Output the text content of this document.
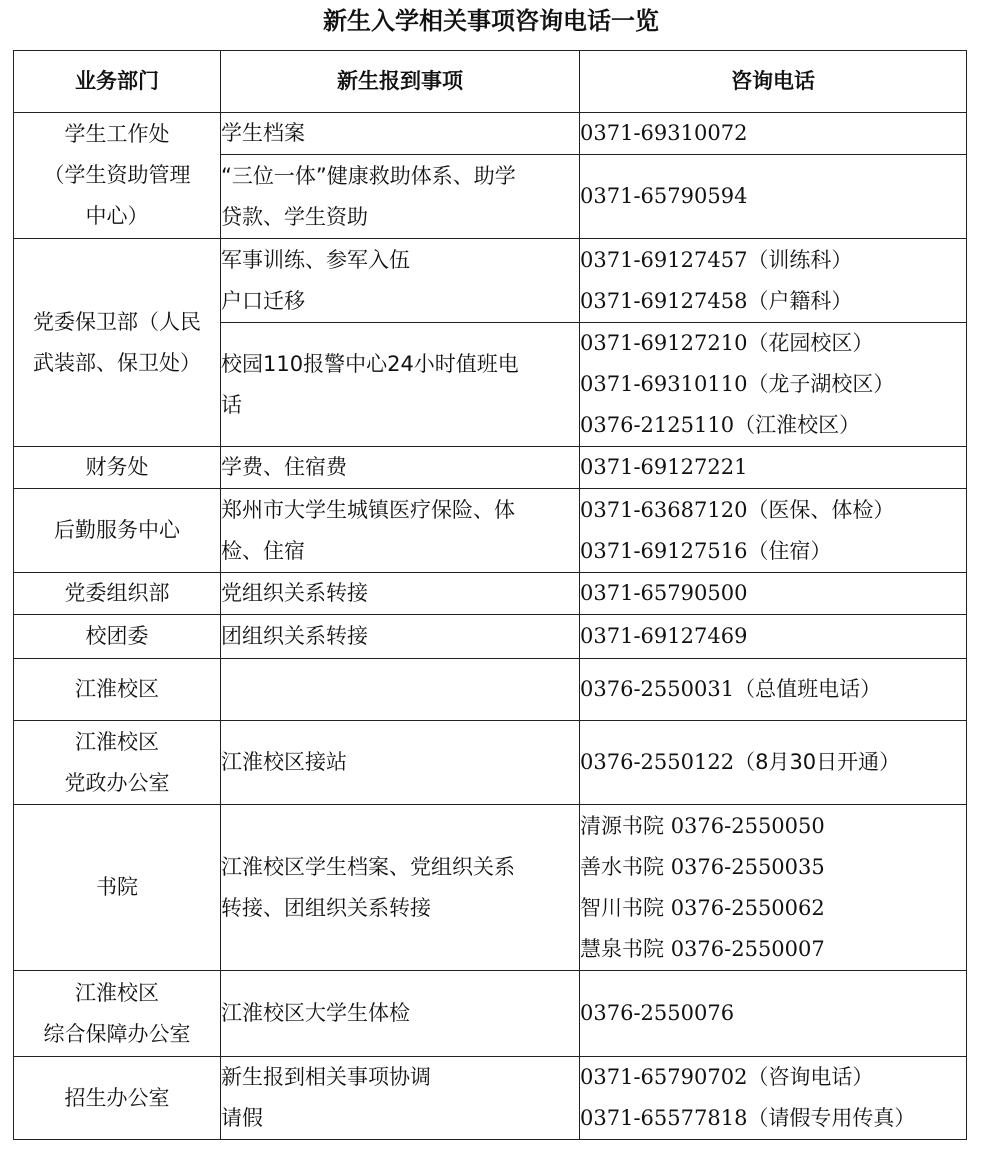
新生入学相关事项咨询电话一览
业务部门	新生报到事项	咨询电话

学生工作处
（学生资助管理
中心）	学生档案	0371-69310072

	“三位一体”健康救助体系、助学
贷款、学生资助	0371-65790594

党委保卫部（人民
武装部、保卫处）	军事训练、参军入伍
户口迁移	0371-69127457（训练科）
0371-69127458（户籍科）

	校园110报警中心24小时值班电
话	0371-69127210（花园校区）
0371-69310110（龙子湖校区）
0376-2125110（江淮校区）

财务处	学费、住宿费	0371-69127221

后勤服务中心	郑州市大学生城镇医疗保险、体
检、住宿	0371-63687120（医保、体检）
0371-69127516（住宿）

党委组织部	党组织关系转接	0371-65790500

校团委	团组织关系转接	0371-69127469

江淮校区		0376-2550031（总值班电话）

江淮校区
党政办公室	江淮校区接站	0376-2550122（8月30日开通）

书院	江淮校区学生档案、党组织关系
转接、团组织关系转接	清源书院 0376-2550050
善水书院 0376-2550035
智川书院 0376-2550062
慧泉书院 0376-2550007

江淮校区
综合保障办公室	江淮校区大学生体检	0376-2550076

招生办公室	新生报到相关事项协调
请假	0371-65790702（咨询电话）
0371-65577818（请假专用传真）
